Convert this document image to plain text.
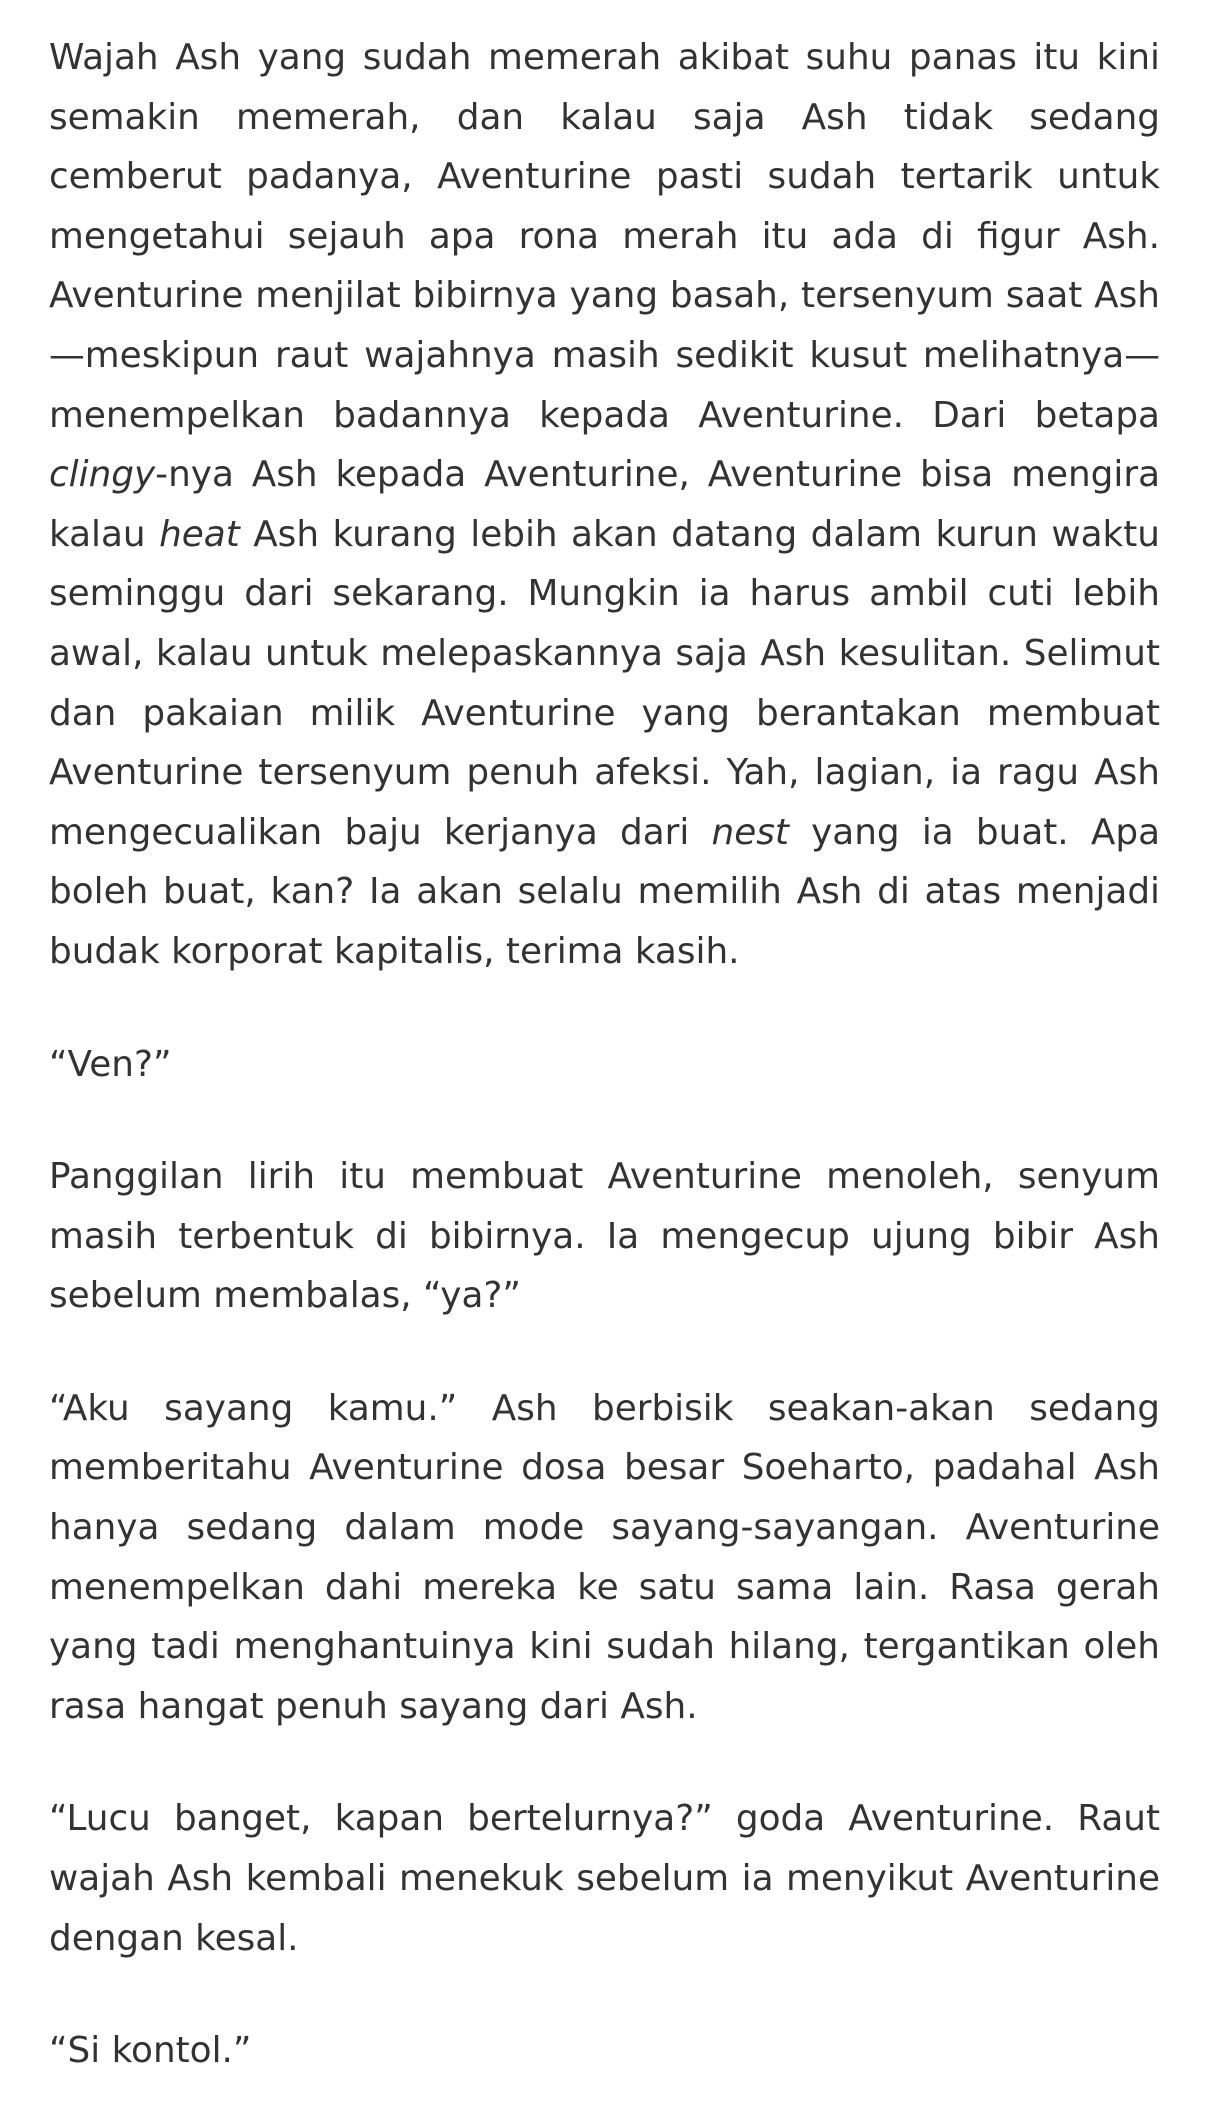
Wajah Ash yang sudah memerah akibat suhu panas itu kini semakin memerah, dan kalau saja Ash tidak sedang cemberut padanya, Aventurine pasti sudah tertarik untuk mengetahui sejauh apa rona merah itu ada di figur Ash. Aventurine menjilat bibirnya yang basah, tersenyum saat Ash—meskipun raut wajahnya masih sedikit kusut melihatnya—menempelkan badannya kepada Aventurine. Dari betapa clingy-nya Ash kepada Aventurine, Aventurine bisa mengira kalau heat Ash kurang lebih akan datang dalam kurun waktu seminggu dari sekarang. Mungkin ia harus ambil cuti lebih awal, kalau untuk melepaskannya saja Ash kesulitan. Selimut dan pakaian milik Aventurine yang berantakan membuat Aventurine tersenyum penuh afeksi. Yah, lagian, ia ragu Ash mengecualikan baju kerjanya dari nest yang ia buat. Apa boleh buat, kan? Ia akan selalu memilih Ash di atas menjadi budak korporat kapitalis, terima kasih.

“Ven?”

Panggilan lirih itu membuat Aventurine menoleh, senyum masih terbentuk di bibirnya. Ia mengecup ujung bibir Ash sebelum membalas, “ya?”

“Aku sayang kamu.” Ash berbisik seakan-akan sedang memberitahu Aventurine dosa besar Soeharto, padahal Ash hanya sedang dalam mode sayang-sayangan. Aventurine menempelkan dahi mereka ke satu sama lain. Rasa gerah yang tadi menghantuinya kini sudah hilang, tergantikan oleh rasa hangat penuh sayang dari Ash.

“Lucu banget, kapan bertelurnya?” goda Aventurine. Raut wajah Ash kembali menekuk sebelum ia menyikut Aventurine dengan kesal.

“Si kontol.”
